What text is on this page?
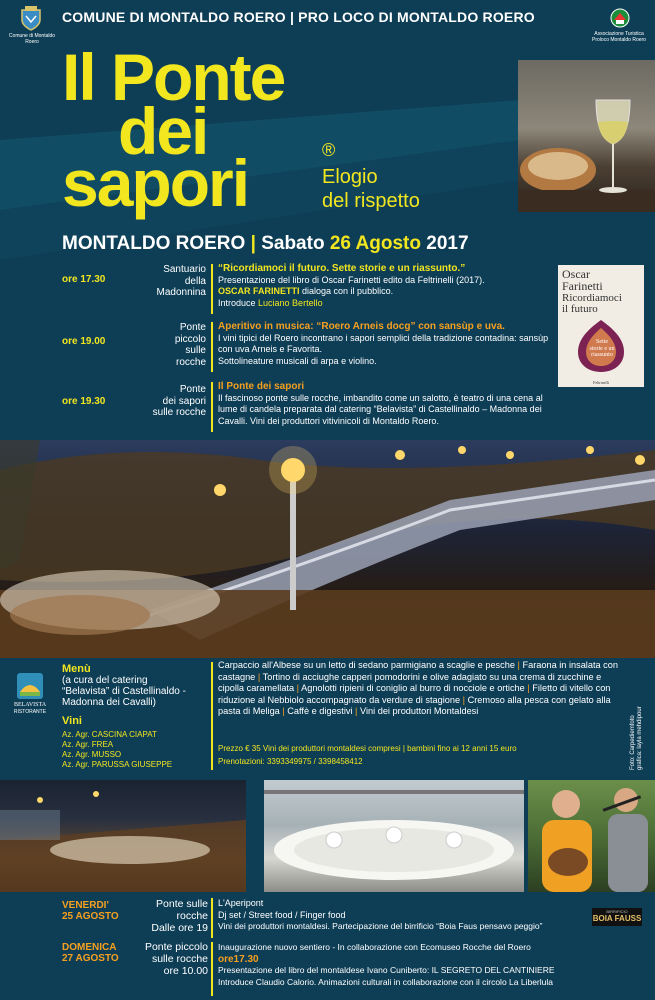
Comune di Montaldo Roero
COMUNE DI MONTALDO ROERO | PRO LOCO DI MONTALDO ROERO
Associazione Turistica Proloco Montaldo Roero
Il Ponte
dei
sapori	®
Elogio
del rispetto
MONTALDO ROERO | Sabato 26 Agosto 2017
ore 17.30
Santuario
della
Madonnina
“Ricordiamoci il futuro. Sette storie e un riassunto.”
Presentazione del libro di Oscar Farinetti edito da Feltrinelli (2017).
OSCAR FARINETTI dialoga con il pubblico.
Introduce Luciano Bertello
ore 19.00
Ponte
piccolo
sulle
rocche
Aperitivo in musica: “Roero Arneis docg” con sansùp e uva.
I vini tipici del Roero incontrano i sapori semplici della tradizione contadina: sansùp con uva Arneis e Favorita.
Sottolineature musicali di arpa e violino.
ore 19.30
Ponte
dei sapori
sulle rocche
Il Ponte dei sapori
Il fascinoso ponte sulle rocche, imbandito come un salotto, è teatro di una cena al lume di candela preparata dal catering “Belavista” di Castellinaldo – Madonna dei Cavalli. Vini dei produttori vitivinicoli di Montaldo Roero.
Oscar
Farinetti
Ricordiamoci
il futuro
Sette
storie e un
riassunto
Feltrinelli
BELAVISTA
RISTORANTE
Menù
(a cura del catering
“Belavista” di Castellinaldo -
Madonna dei Cavalli)
Vini
Az. Agr. CASCINA CIAPAT
Az. Agr. FREA
Az. Agr. MUSSO
Az. Agr. PARUSSA GIUSEPPE
Carpaccio all'Albese su un letto di sedano parmigiano a scaglie e pesche | Faraona in insalata con castagne | Tortino di acciughe capperi pomodorini e olive adagiato su una crema di zucchine e cipolla caramellata | Agnolotti ripieni di coniglio al burro di nocciole e ortiche | Filetto di vitello con riduzione al Nebbiolo accompagnato da verdure di stagione | Cremoso alla pesca con gelato alla pasta di Meliga | Caffè e digestivi | Vini dei produttori Montaldesi
Prezzo € 35 Vini dei produttori montaldesi compresi | bambini fino ai 12 anni 15 euro
Prenotazioni: 3393349975 / 3398458412	Foto: Carpediemfoto grafica: layla mehdipour
VENERDI'
25 AGOSTO
Ponte sulle
rocche
Dalle ore 19
L'Aperipont
Dj set / Street food / Finger food
Vini dei produttori montaldesi. Partecipazione del birrificio “Boia Faus pensavo peggio”
BIRRIFICIO
BOIA FAUSS
DOMENICA
27 AGOSTO
Ponte piccolo
sulle rocche
ore 10.00
Inaugurazione nuovo sentiero - In collaborazione con Ecomuseo Rocche del Roero
ore17.30
Presentazione del libro del montaldese Ivano Cuniberto: IL SEGRETO DEL CANTINIERE
Introduce Claudio Calorio. Animazioni culturali in collaborazione con il circolo La Liberlula
